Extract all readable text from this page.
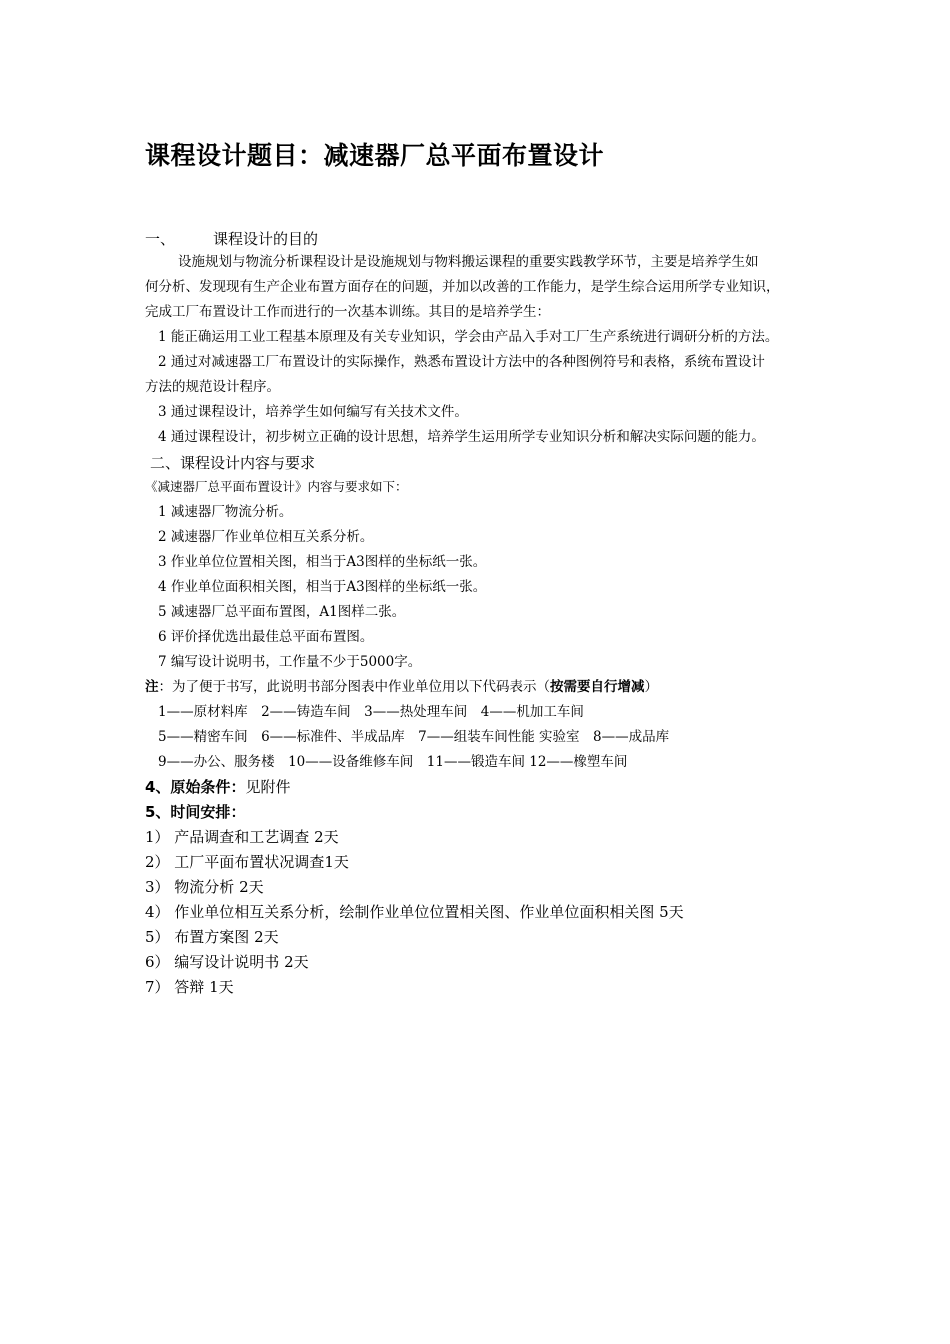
课程设计题目：减速器厂总平面布置设计
一、	课程设计的目的
设施规划与物流分析课程设计是设施规划与物料搬运课程的重要实践教学环节，主要是培养学生如
何分析、发现现有生产企业布置方面存在的问题，并加以改善的工作能力，是学生综合运用所学专业知识，
完成工厂布置设计工作而进行的一次基本训练。其目的是培养学生：
1 能正确运用工业工程基本原理及有关专业知识，学会由产品入手对工厂生产系统进行调研分析的方法。
2 通过对减速器工厂布置设计的实际操作，熟悉布置设计方法中的各种图例符号和表格，系统布置设计
方法的规范设计程序。
3 通过课程设计，培养学生如何编写有关技术文件。
4 通过课程设计，初步树立正确的设计思想，培养学生运用所学专业知识分析和解决实际问题的能力。
二、课程设计内容与要求
《减速器厂总平面布置设计》内容与要求如下：
1 减速器厂物流分析。
2 减速器厂作业单位相互关系分析。
3 作业单位位置相关图，相当于A3图样的坐标纸一张。
4 作业单位面积相关图，相当于A3图样的坐标纸一张。
5 减速器厂总平面布置图，A1图样二张。
6 评价择优选出最佳总平面布置图。
7 编写设计说明书，工作量不少于5000字。
注：为了便于书写，此说明书部分图表中作业单位用以下代码表示（按需要自行增减）
1——原材料库　2——铸造车间　3——热处理车间　4——机加工车间
5——精密车间　6——标准件、半成品库　7——组装车间性能 实验室　8——成品库
9——办公、服务楼　10——设备维修车间　11——锻造车间 12——橡塑车间
4、原始条件：见附件
5、时间安排：
1） 产品调查和工艺调查 2天
2） 工厂平面布置状况调查1天
3） 物流分析 2天
4） 作业单位相互关系分析，绘制作业单位位置相关图、作业单位面积相关图 5天
5） 布置方案图 2天
6） 编写设计说明书 2天
7） 答辩 1天
